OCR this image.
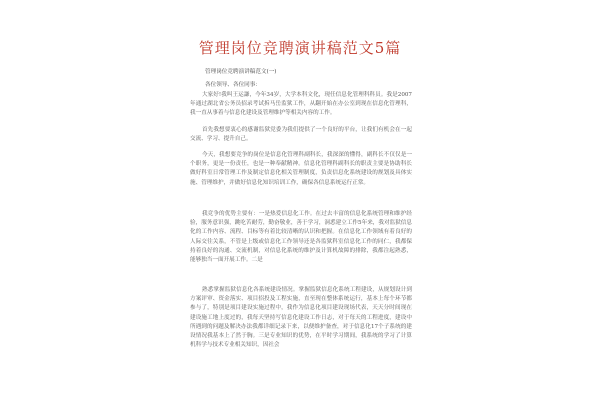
管理岗位竞聘演讲稿范文5篇
管理岗位竞聘演讲稿范文(一)
各位领导、各位同事：

大家好!我叫王运謙，今年34岁，大学本科文化，现任信息化管理科科员。我是2007年通过湖北省公务员招录考试拆马岳监狱工作，从翻开始在办公室到现在信息化管理科，我一直从事着与信息化建设及管理维护等相关内容的工作。

首先我想要衷心的感谢监狱党委为我们提供了一个良好的平台，让我们有机会在一起交流、学习、提升自己。

今天，我想要竞争的岗位是信息化管理科副科长，我深深的懂得，副科长不仅仅是一个职务，更是一份责任，也是一种奉献精神。信息化管理科副科长的职责主要是协助科长做好科室日常管理工作及制定信息化相关管理制度，负责信息化系统建设的规划及具体实施、管理维护，并做好信息化知识培训工作，确保各信息系统运行正常。

我竞争的优势主要有：一是热爱信息化工作。在过去丰富的信息化系统管理和维护经验，服务意识强，跳吃苦耐劳，勤奋敬业，善于学习，洞悉建立工作5年来，我对监狱信息化的工作内容、流程、目标等有着比较清晰的认识和把握。在信息化工作领域有着良好的人际交往关系，不管是上级或信息化工作领导还是各监狱科室信息化工作的同仁，我都保持着良好的沟通、交流机制，对信息化系统的维护及计算机故障的排除，我都注起熟悉，能够独当一面开展工作。二是

熟悉掌握监狱信息化各系统建设情况。掌握监狱信息化系统工程建设，从规划设计到方案评审、资金落实、项目招投及工程实施，直至现在整体系统运行，基本上每个环节都参与了，特别是项目建设实施过程中，我作为信息化项目建设现场代表，天天分时间现在建设施工地上度过的，我每天坚持写信息化建设工作日志，对于每天的工程进度，建设中所遇到的问题及解决办法我都详细记录下来，以便维护备查，对于信息化17个子系统的建设情况我基本上了然于胸。三是专业知识的优势，在平时学习期间，我系统的学习了计算机科学与技术专业相关知识，因社会
